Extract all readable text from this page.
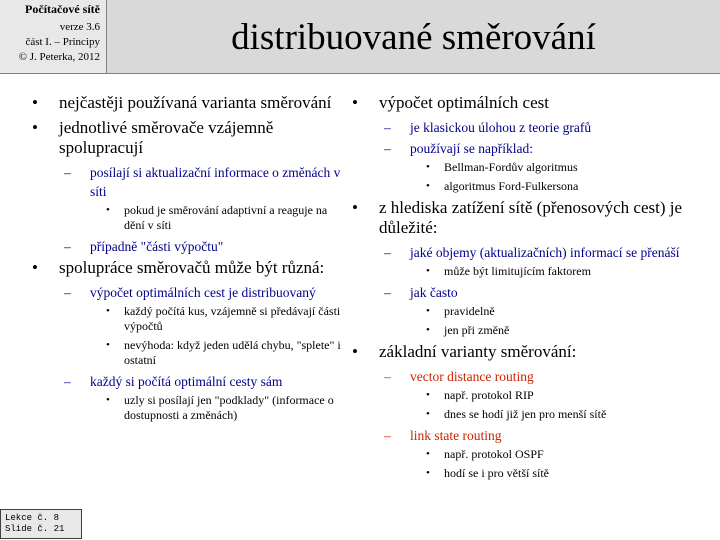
Počítačové sítě
verze 3.6
část I. – Principy
© J. Peterka, 2012	distribuované směrování
• nejčastěji používaná varianta směrování
• jednotlivé směrovače vzájemně spolupracují
– posílají si aktualizační informace o změnách v síti
• pokud je směrování adaptivní a reaguje na dění v síti
– případně "části výpočtu"
• spolupráce směrovačů může být různá:
– výpočet optimálních cest je distribuovaný
• každý počítá kus, vzájemně si předávají části výpočtů
• nevýhoda: když jeden udělá chybu, "splete" i ostatní
– každý si počítá optimální cesty sám
• uzly si posílají jen "podklady" (informace o dostupnosti a změnách)
• výpočet optimálních cest
– je klasickou úlohou z teorie grafů
– používají se například:
• Bellman-Fordův algoritmus
• algoritmus Ford-Fulkersona
• z hlediska zatížení sítě (přenosových cest) je důležité:
– jaké objemy (aktualizačních) informací se přenáší
• může být limitujícím faktorem
– jak často
• pravidelně
• jen při změně
• základní varianty směrování:
– vector distance routing
• např. protokol RIP
• dnes se hodí již jen pro menší sítě
– link state routing
• např. protokol OSPF
• hodí se i pro větší sítě
Lekce č. 8
Slide č. 21
